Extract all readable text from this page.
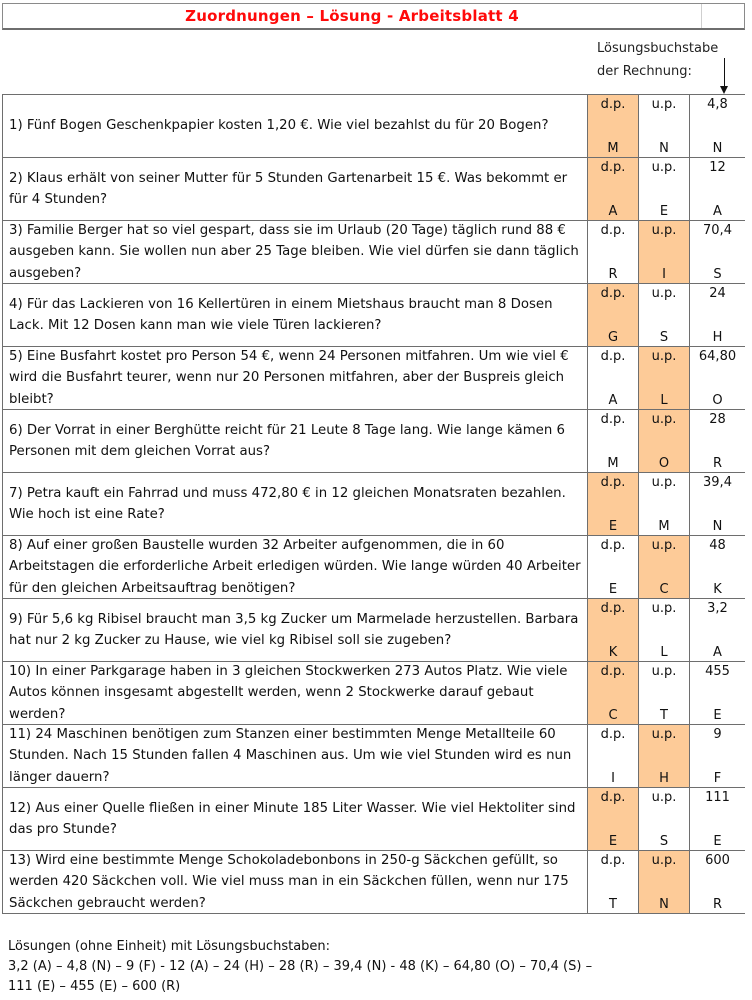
Zuordnungen – Lösung - Arbeitsblatt 4
Lösungsbuchstabe
der Rechnung:
1) Fünf Bogen Geschenkpapier kosten 1,20 €. Wie viel bezahlst du für 20 Bogen?
d.p.
M
u.p.
N
4,8
N
2) Klaus erhält von seiner Mutter für 5 Stunden Gartenarbeit 15 €. Was bekommt er für 4 Stunden?
d.p.
A
u.p.
E
12
A
3) Familie Berger hat so viel gespart, dass sie im Urlaub (20 Tage) täglich rund 88 € ausgeben kann. Sie wollen nun aber 25 Tage bleiben. Wie viel dürfen sie dann täglich ausgeben?
d.p.
R
u.p.
I
70,4
S
4) Für das Lackieren von 16 Kellertüren in einem Mietshaus braucht man 8 Dosen Lack. Mit 12 Dosen kann man wie viele Türen lackieren?
d.p.
G
u.p.
S
24
H
5) Eine Busfahrt kostet pro Person 54 €, wenn 24 Personen mitfahren. Um wie viel € wird die Busfahrt teurer, wenn nur 20 Personen mitfahren, aber der Buspreis gleich bleibt?
d.p.
A
u.p.
L
64,80
O
6) Der Vorrat in einer Berghütte reicht für 21 Leute 8 Tage lang. Wie lange kämen 6 Personen mit dem gleichen Vorrat aus?
d.p.
M
u.p.
O
28
R
7) Petra kauft ein Fahrrad und muss 472,80 € in 12 gleichen Monatsraten bezahlen. Wie hoch ist eine Rate?
d.p.
E
u.p.
M
39,4
N
8) Auf einer großen Baustelle wurden 32 Arbeiter aufgenommen, die in 60 Arbeitstagen die erforderliche Arbeit erledigen würden. Wie lange würden 40 Arbeiter für den gleichen Arbeitsauftrag benötigen?
d.p.
E
u.p.
C
48
K
9) Für 5,6 kg Ribisel braucht man 3,5 kg Zucker um Marmelade herzustellen. Barbara hat nur 2 kg Zucker zu Hause, wie viel kg Ribisel soll sie zugeben?
d.p.
K
u.p.
L
3,2
A
10) In einer Parkgarage haben in 3 gleichen Stockwerken 273 Autos Platz. Wie viele Autos können insgesamt abgestellt werden, wenn 2 Stockwerke darauf gebaut werden?
d.p.
C
u.p.
T
455
E
11) 24 Maschinen benötigen zum Stanzen einer bestimmten Menge Metallteile 60 Stunden. Nach 15 Stunden fallen 4 Maschinen aus. Um wie viel Stunden wird es nun länger dauern?
d.p.
I
u.p.
H
9
F
12) Aus einer Quelle fließen in einer Minute 185 Liter Wasser. Wie viel Hektoliter sind das pro Stunde?
d.p.
E
u.p.
S
111
E
13) Wird eine bestimmte Menge Schokoladebonbons in 250-g Säckchen gefüllt, so werden 420 Säckchen voll. Wie viel muss man in ein Säckchen füllen, wenn nur 175 Säckchen gebraucht werden?
d.p.
T
u.p.
N
600
R
Lösungen (ohne Einheit) mit Lösungsbuchstaben:
3,2 (A) – 4,8 (N) – 9 (F) - 12 (A) – 24 (H) – 28 (R) – 39,4 (N) - 48 (K) – 64,80 (O) – 70,4 (S) –
111 (E) – 455 (E) – 600 (R)
